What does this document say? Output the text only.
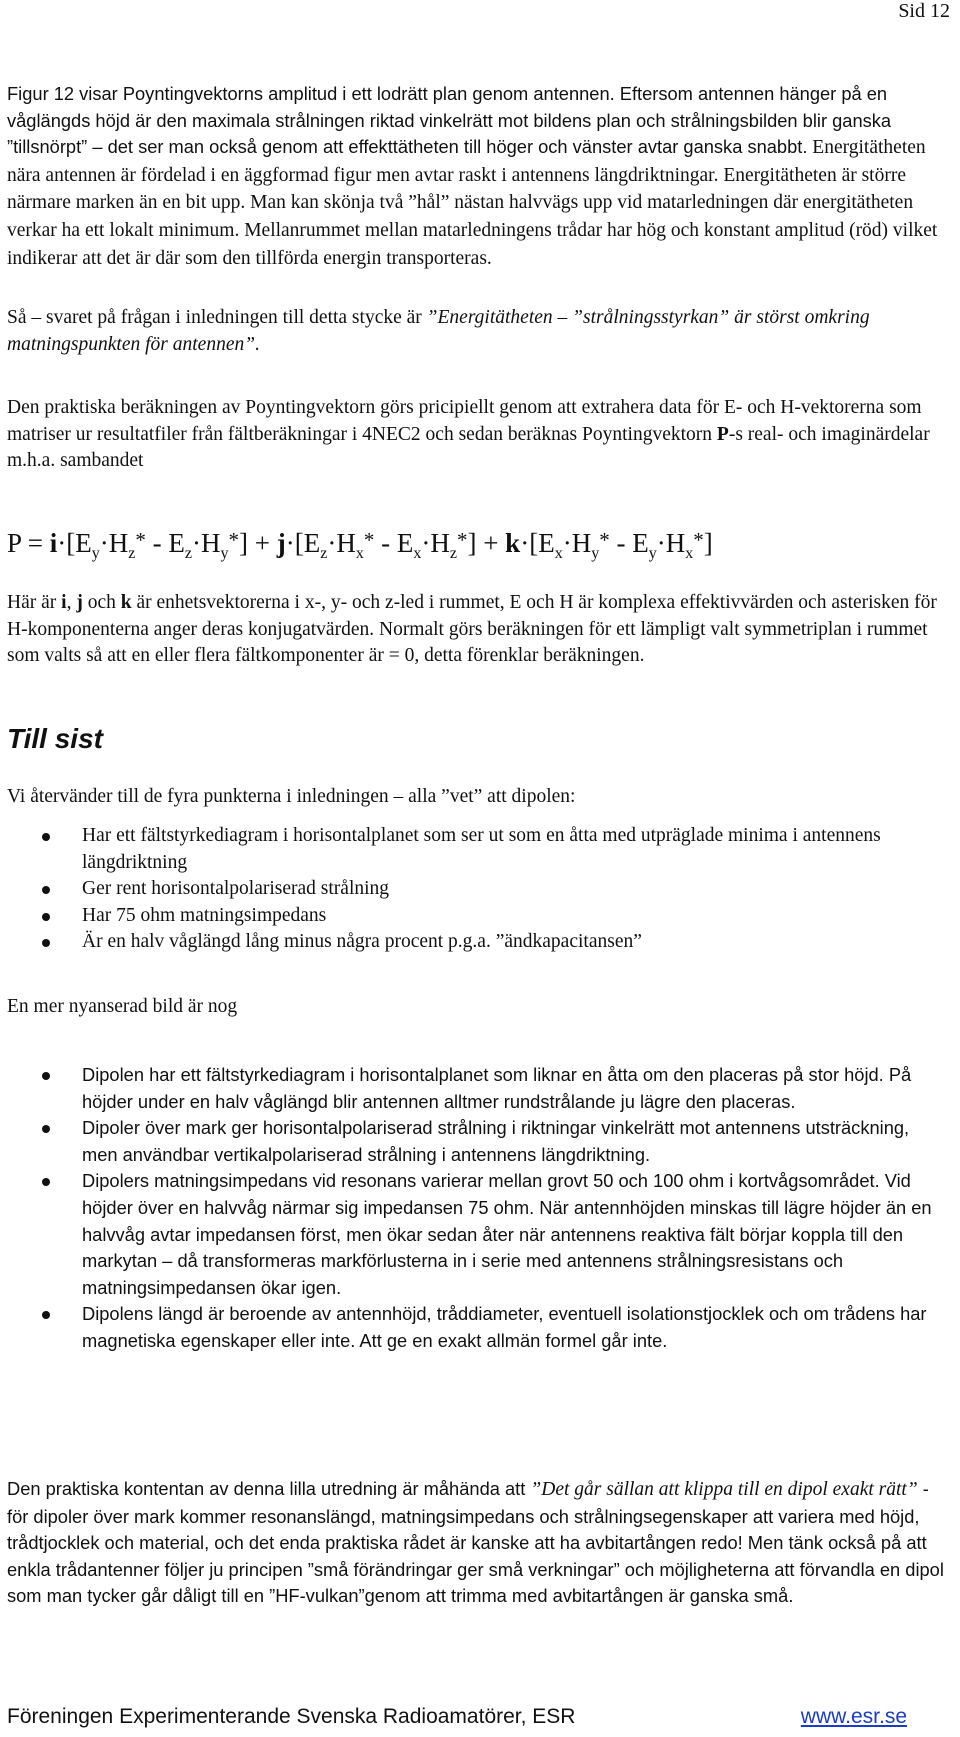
Sid 12

Figur 12 visar Poyntingvektorns amplitud i ett lodrätt plan genom antennen. Eftersom antennen hänger på en våglängds höjd är den maximala strålningen riktad vinkelrätt mot bildens plan och strålningsbilden blir ganska ”tillsnörpt” – det ser man också genom att effekttätheten till höger och vänster avtar ganska snabbt. Energitätheten nära antennen är fördelad i en äggformad figur men avtar raskt i antennens längdriktningar. Energitätheten är större närmare marken än en bit upp. Man kan skönja två ”hål” nästan halvvägs upp vid matarledningen där energitätheten verkar ha ett lokalt minimum. Mellanrummet mellan matarledningens trådar har hög och konstant amplitud (röd) vilket indikerar att det är där som den tillförda energin transporteras.

Så – svaret på frågan i inledningen till detta stycke är ”Energitätheten – ”strålningsstyrkan” är störst omkring matningspunkten för antennen”.

Den praktiska beräkningen av Poyntingvektorn görs pricipiellt genom att extrahera data för E- och H-vektorerna som matriser ur resultatfiler från fältberäkningar i 4NEC2 och sedan beräknas Poyntingvektorn P-s real- och imaginärdelar m.h.a. sambandet

$P = i\cdot[E_y\cdot H_z* - E_z\cdot H_y*] + j\cdot[E_z\cdot H_x* - E_x\cdot H_z*] + k\cdot[E_x\cdot H_y* - E_y\cdot H_x*]$

Här är i, j och k är enhetsvektorerna i x-, y- och z-led i rummet, E och H är komplexa effektivvärden och asterisken för H-komponenterna anger deras konjugatvärden. Normalt görs beräkningen för ett lämpligt valt symmetriplan i rummet som valts så att en eller flera fältkomponenter är = 0, detta förenklar beräkningen.

Till sist

Vi återvänder till de fyra punkterna i inledningen – alla ”vet” att dipolen:

Har ett fältstyrkediagram i horisontalplanet som ser ut som en åtta med utpräglade minima i antennens längdriktning
Ger rent horisontalpolariserad strålning
Har 75 ohm matningsimpedans
Är en halv våglängd lång minus några procent p.g.a. ”ändkapacitansen”

En mer nyanserad bild är nog

Dipolen har ett fältstyrkediagram i horisontalplanet som liknar en åtta om den placeras på stor höjd. På höjder under en halv våglängd blir antennen alltmer rundstrålande ju lägre den placeras.
Dipoler över mark ger horisontalpolariserad strålning i riktningar vinkelrätt mot antennens utsträckning, men användbar vertikalpolariserad strålning i antennens längdriktning.
Dipolers matningsimpedans vid resonans varierar mellan grovt 50 och 100 ohm i kortvågsområdet. Vid höjder över en halvvåg närmar sig impedansen 75 ohm. När antennhöjden minskas till lägre höjder än en halvvåg avtar impedansen först, men ökar sedan åter när antennens reaktiva fält börjar koppla till den markytan – då transformeras markförlusterna in i serie med antennens strålningsresistans och matningsimpedansen ökar igen.
Dipolens längd är beroende av antennhöjd, tråddiameter, eventuell isolationstjocklek och om trådens har magnetiska egenskaper eller inte. Att ge en exakt allmän formel går inte.

Den praktiska kontentan av denna lilla utredning är måhända att ”Det går sällan att klippa till en dipol exakt rätt” - för dipoler över mark kommer resonanslängd, matningsimpedans och strålningsegenskaper att variera med höjd, trådtjocklek och material, och det enda praktiska rådet är kanske att ha avbitartången redo! Men tänk också på att enkla trådantenner följer ju principen ”små förändringar ger små verkningar” och möjligheterna att förvandla en dipol som man tycker går dåligt till en ”HF-vulkan”genom att trimma med avbitartången är ganska små.

Föreningen Experimenterande Svenska Radioamatörer, ESR	www.esr.se
